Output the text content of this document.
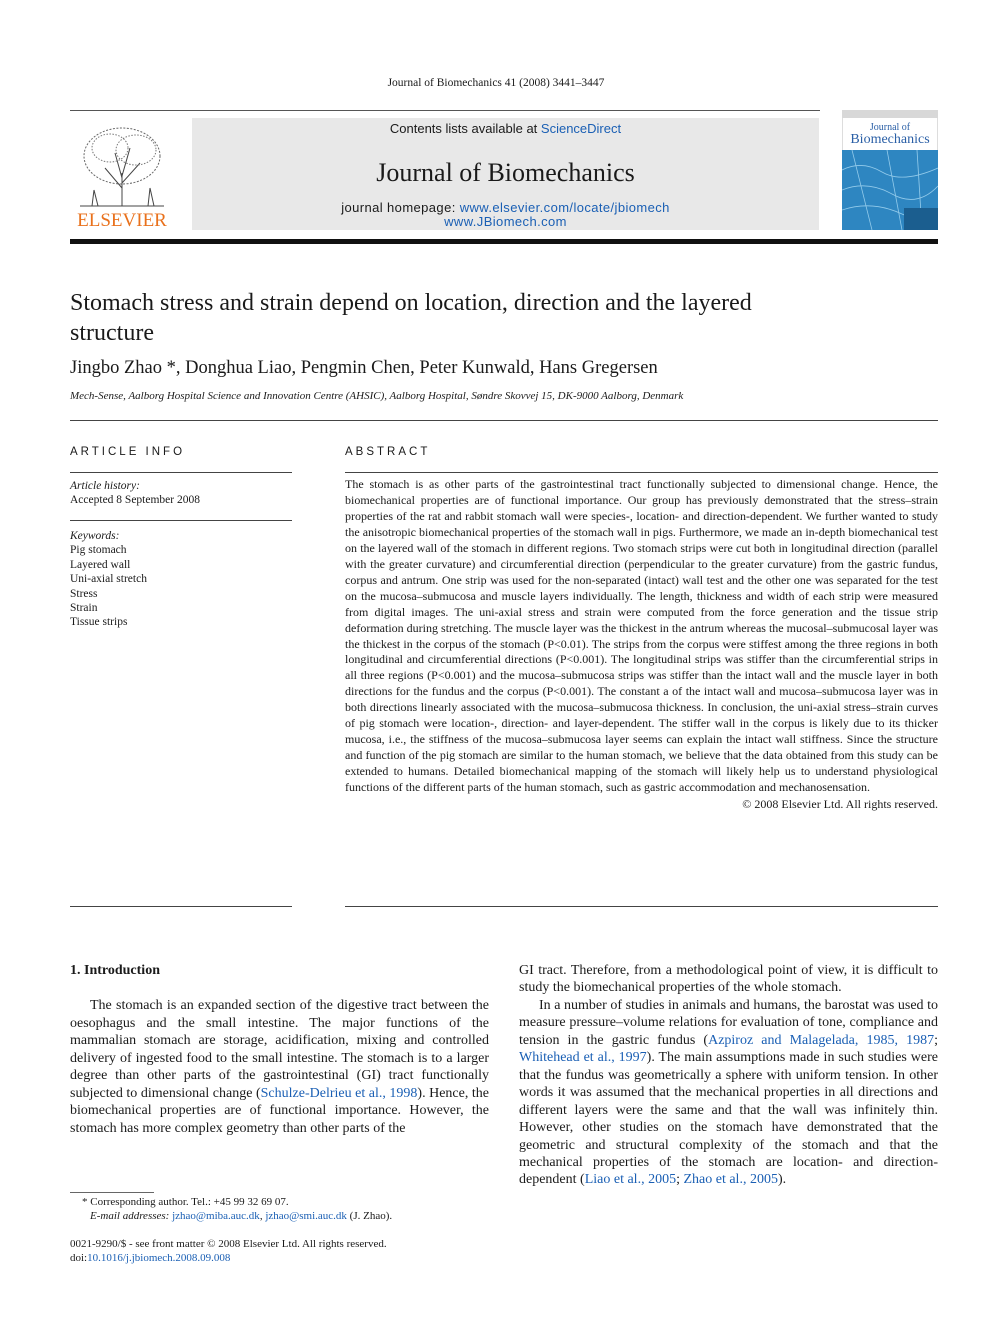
Journal of Biomechanics 41 (2008) 3441–3447
ELSEVIER
Contents lists available at ScienceDirect
Journal of Biomechanics
journal homepage: www.elsevier.com/locate/jbiomech
www.JBiomech.com
Journal of
Biomechanics
Stomach stress and strain depend on location, direction and the layered structure
Jingbo Zhao *, Donghua Liao, Pengmin Chen, Peter Kunwald, Hans Gregersen
Mech-Sense, Aalborg Hospital Science and Innovation Centre (AHSIC), Aalborg Hospital, Søndre Skovvej 15, DK-9000 Aalborg, Denmark
ARTICLE INFO
Article history:
Accepted 8 September 2008
Keywords:
Pig stomach
Layered wall
Uni-axial stretch
Stress
Strain
Tissue strips
ABSTRACT

The stomach is as other parts of the gastrointestinal tract functionally subjected to dimensional change. Hence, the biomechanical properties are of functional importance. Our group has previously demonstrated that the stress–strain properties of the rat and rabbit stomach wall were species-, location- and direction-dependent. We further wanted to study the anisotropic biomechanical properties of the stomach wall in pigs. Furthermore, we made an in-depth biomechanical test on the layered wall of the stomach in different regions. Two stomach strips were cut both in longitudinal direction (parallel with the greater curvature) and circumferential direction (perpendicular to the greater curvature) from the gastric fundus, corpus and antrum. One strip was used for the non-separated (intact) wall test and the other one was separated for the test on the mucosa–submucosa and muscle layers individually. The length, thickness and width of each strip were measured from digital images. The uni-axial stress and strain were computed from the force generation and the tissue strip deformation during stretching. The muscle layer was the thickest in the antrum whereas the mucosal–submucosal layer was the thickest in the corpus of the stomach (P<0.01). The strips from the corpus were stiffest among the three regions in both longitudinal and circumferential directions (P<0.001). The longitudinal strips was stiffer than the circumferential strips in all three regions (P<0.001) and the mucosa–submucosa strips was stiffer than the intact wall and the muscle layer in both directions for the fundus and the corpus (P<0.001). The constant a of the intact wall and mucosa–submucosa layer was in both directions linearly associated with the mucosa–submucosa thickness. In conclusion, the uni-axial stress–strain curves of pig stomach were location-, direction- and layer-dependent. The stiffer wall in the corpus is likely due to its thicker mucosa, i.e., the stiffness of the mucosa–submucosa layer seems can explain the intact wall stiffness. Since the structure and function of the pig stomach are similar to the human stomach, we believe that the data obtained from this study can be extended to humans. Detailed biomechanical mapping of the stomach will likely help us to understand physiological functions of the different parts of the human stomach, such as gastric accommodation and mechanosensation.

© 2008 Elsevier Ltd. All rights reserved.
1. Introduction

The stomach is an expanded section of the digestive tract between the oesophagus and the small intestine. The major functions of the mammalian stomach are storage, acidification, mixing and controlled delivery of ingested food to the small intestine. The stomach is to a larger degree than other parts of the gastrointestinal (GI) tract functionally subjected to dimensional change (Schulze-Delrieu et al., 1998). Hence, the biomechanical properties are of functional importance. However, the stomach has more complex geometry than other parts of the

* Corresponding author. Tel.: +45 99 32 69 07.
E-mail addresses: jzhao@miba.auc.dk, jzhao@smi.auc.dk (J. Zhao).
0021-9290/$ - see front matter © 2008 Elsevier Ltd. All rights reserved.
doi:10.1016/j.jbiomech.2008.09.008

GI tract. Therefore, from a methodological point of view, it is difficult to study the biomechanical properties of the whole stomach.

In a number of studies in animals and humans, the barostat was used to measure pressure–volume relations for evaluation of tone, compliance and tension in the gastric fundus (Azpiroz and Malagelada, 1985, 1987; Whitehead et al., 1997). The main assumptions made in such studies were that the fundus was geometrically a sphere with uniform tension. In other words it was assumed that the mechanical properties in all directions and different layers were the same and that the wall was infinitely thin. However, other studies on the stomach have demonstrated that the geometric and structural complexity of the stomach and that the mechanical properties of the stomach are location- and direction-dependent (Liao et al., 2005; Zhao et al., 2005).
